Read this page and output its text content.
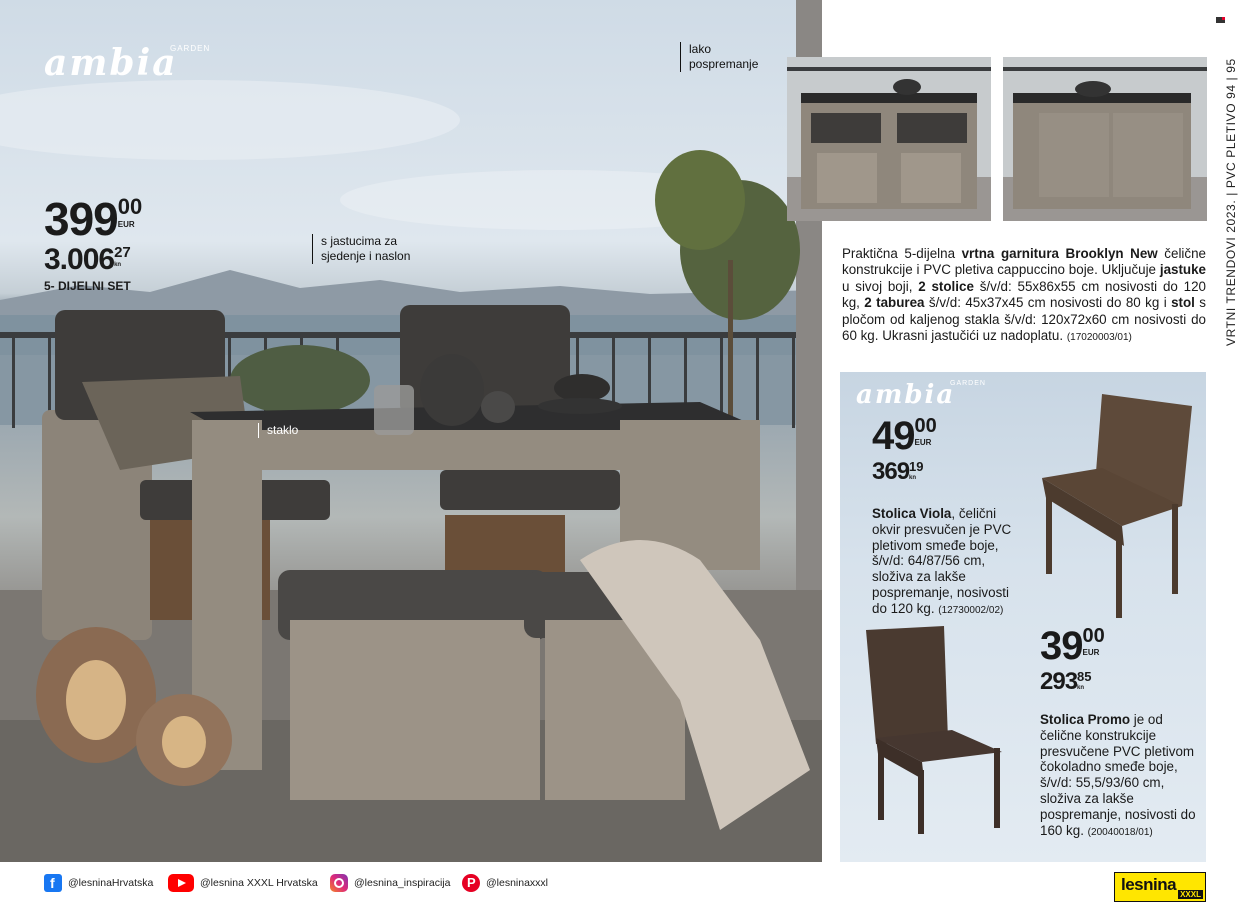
ambia
GARDEN
399 00
EUR
3.006 27
kn
5- DIJELNI SET
s jastucima za sjedenje i naslon
staklo
lako
pospremanje	VRTNI TRENDOVI 2023. | PVC PLETIVO 94 | 95
Praktična 5-dijelna vrtna garnitura Brooklyn New čelične konstrukcije i PVC pletiva cappuccino boje. Uključuje jastuke u sivoj boji, 2 stolice š/v/d: 55x86x55 cm nosivosti do 120 kg, 2 taburea š/v/d: 45x37x45 cm nosivosti do 80 kg i stol s pločom od kaljenog stakla š/v/d: 120x72x60 cm nosivosti do 60 kg. Ukrasni jastučići uz nadoplatu. (17020003/01)
ambia
GARDEN
49 00
EUR
369 19
kn
Stolica Viola, čelični okvir presvučen je PVC pletivom smeđe boje, š/v/d: 64/87/56 cm, složiva za lakše pospremanje, nosivosti do 120 kg. (12730002/02)
39 00
EUR
293 85
kn
Stolica Promo je od čelične konstrukcije presvučene PVC pletivom čokoladno smeđe boje, š/v/d: 55,5/93/60 cm, složiva za lakše pospremanje, nosivosti do 160 kg. (20040018/01)
f
@lesninaHrvatska	@lesnina XXXL Hrvatska	@lesnina_inspiracija
P	@lesninaxxxl	lesnina
XXXL
